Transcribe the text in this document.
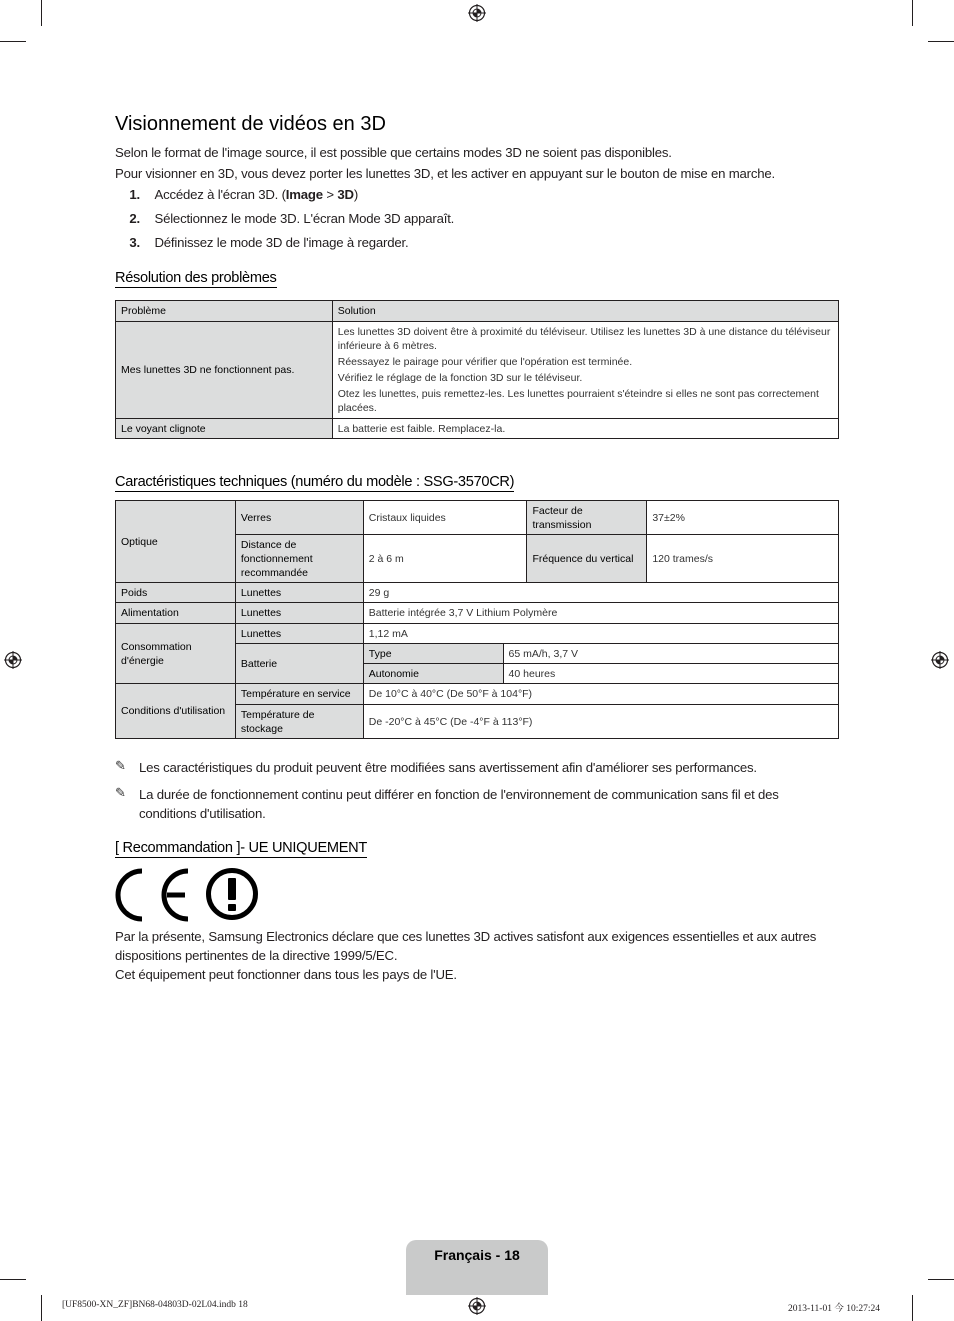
Visionnement de vidéos en 3D
Selon le format de l'image source, il est possible que certains modes 3D ne soient pas disponibles.
Pour visionner en 3D, vous devez porter les lunettes 3D, et les activer en appuyant sur le bouton de mise en marche.
1. Accédez à l'écran 3D. (Image > 3D)
2. Sélectionnez le mode 3D. L'écran Mode 3D apparaît.
3. Définissez le mode 3D de l'image à regarder.
Résolution des problèmes
Problème	Solution
Mes lunettes 3D ne fonctionnent pas.	Les lunettes 3D doivent être à proximité du téléviseur. Utilisez les lunettes 3D à une distance du téléviseur inférieure à 6 mètres.
Réessayez le pairage pour vérifier que l'opération est terminée.
Vérifiez le réglage de la fonction 3D sur le téléviseur.
Otez les lunettes, puis remettez-les. Les lunettes pourraient s'éteindre si elles ne sont pas correctement placées.

Le voyant clignote	La batterie est faible. Remplacez-la.
Caractéristiques techniques (numéro du modèle : SSG-3570CR)
Optique	Verres	Cristaux liquides		Facteur de transmission	37±2%
	Distance de fonctionnement recommandée	2 à 6 m		Fréquence du vertical	120 trames/s
Poids	Lunettes	29 g			
Alimentation	Lunettes	Batterie intégrée 3,7 V Lithium Polymère			
Consommation d'énergie	Lunettes	1,12 mA			
	Batterie	Type	65 mA/h, 3,7 V		
		Autonomie	40 heures		
Conditions d'utilisation	Température en service	De 10°C à 40°C (De 50°F à 104°F)			
	Température de stockage	De -20°C à 45°C (De -4°F à 113°F)			
✎ Les caractéristiques du produit peuvent être modifiées sans avertissement afin d'améliorer ses performances.
✎ La durée de fonctionnement continu peut différer en fonction de l'environnement de communication sans fil et des conditions d'utilisation.
[ Recommandation ]- UE UNIQUEMENT
Par la présente, Samsung Electronics déclare que ces lunettes 3D actives satisfont aux exigences essentielles et aux autres dispositions pertinentes de la directive 1999/5/EC.
Cet équipement peut fonctionner dans tous les pays de l'UE.
Français - 18
[UF8500-XN_ZF]BN68-04803D-02L04.indb 18	2013-11-01 今 10:27:24
